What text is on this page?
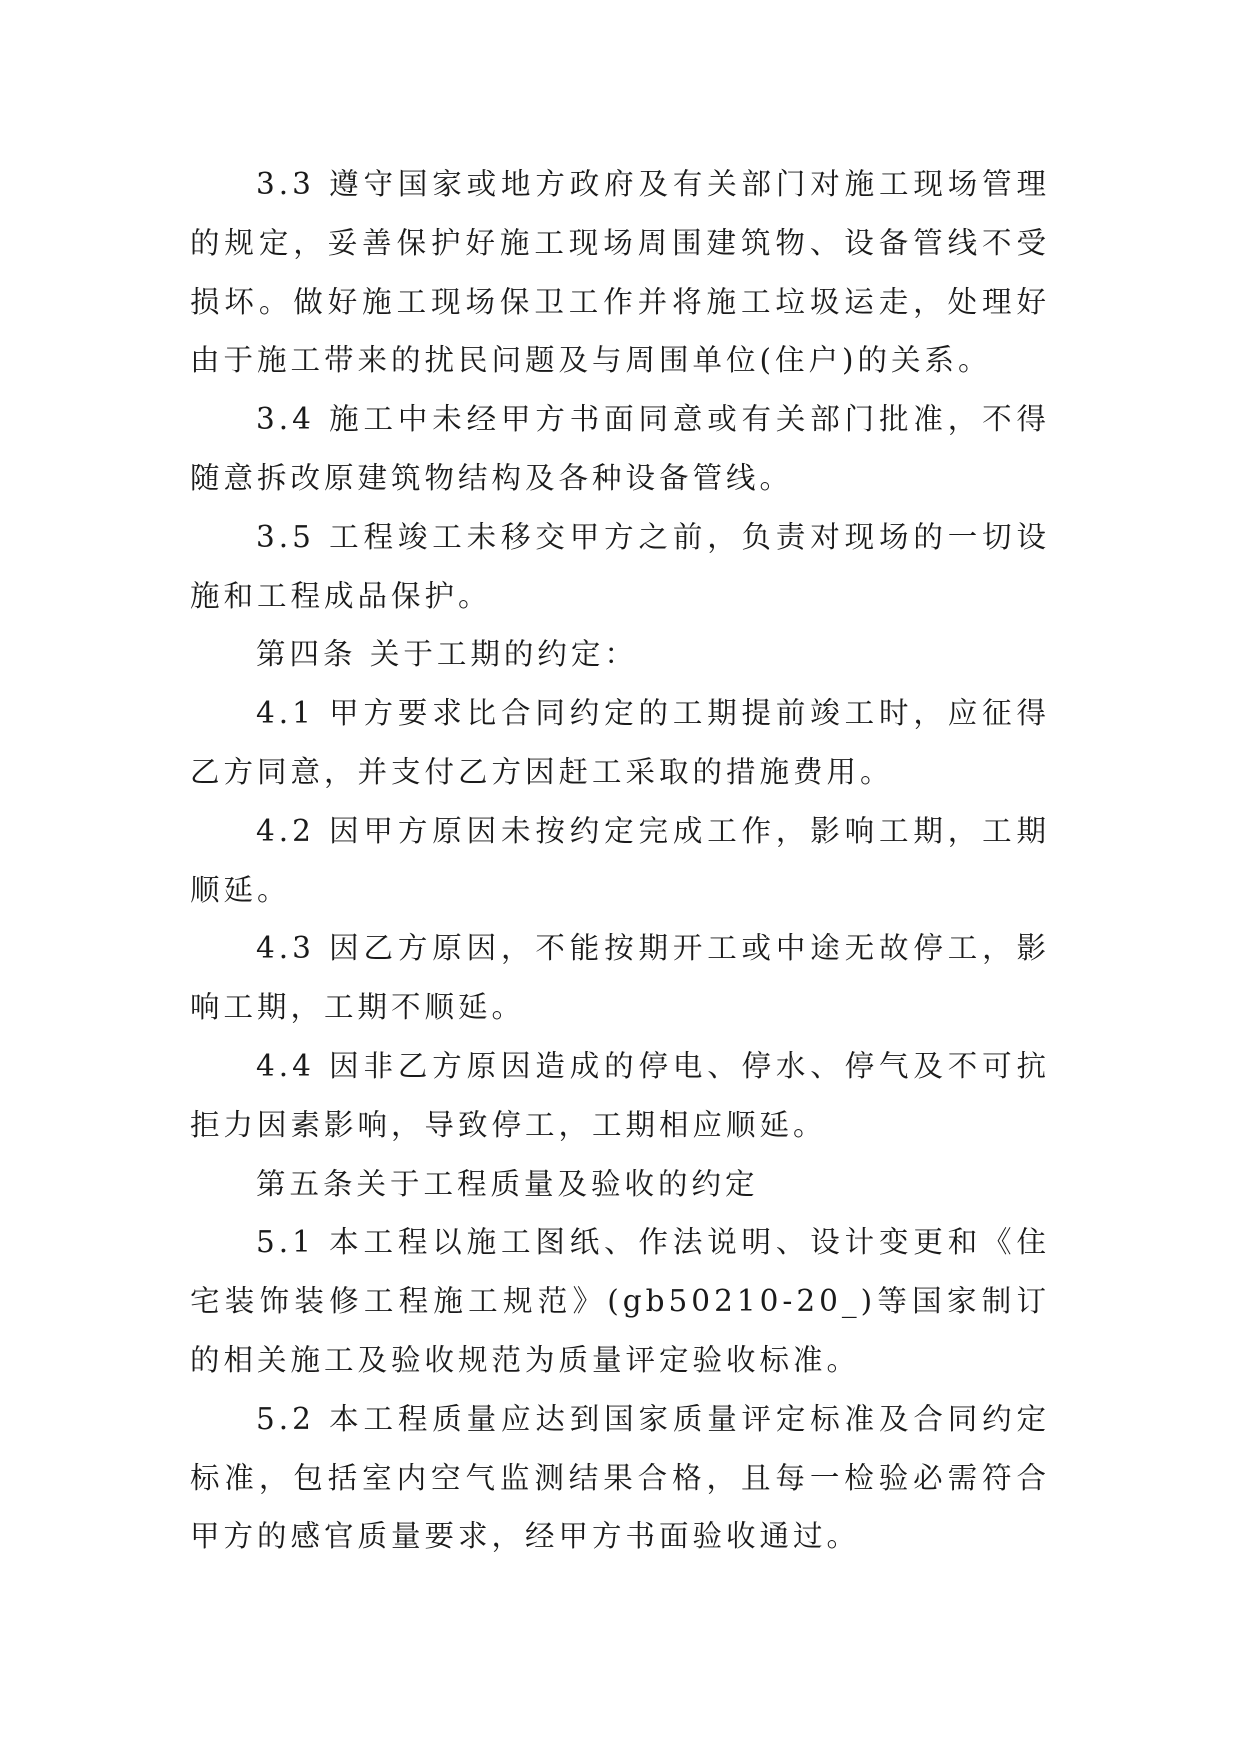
3.3 遵守国家或地方政府及有关部门对施工现场管理的规定，妥善保护好施工现场周围建筑物、设备管线不受损坏。做好施工现场保卫工作并将施工垃圾运走，处理好由于施工带来的扰民问题及与周围单位(住户)的关系。

3.4 施工中未经甲方书面同意或有关部门批准，不得随意拆改原建筑物结构及各种设备管线。

3.5 工程竣工未移交甲方之前，负责对现场的一切设施和工程成品保护。

第四条 关于工期的约定：

4.1 甲方要求比合同约定的工期提前竣工时，应征得乙方同意，并支付乙方因赶工采取的措施费用。

4.2 因甲方原因未按约定完成工作，影响工期，工期顺延。

4.3 因乙方原因，不能按期开工或中途无故停工，影响工期，工期不顺延。

4.4 因非乙方原因造成的停电、停水、停气及不可抗拒力因素影响，导致停工，工期相应顺延。

第五条关于工程质量及验收的约定

5.1 本工程以施工图纸、作法说明、设计变更和《住宅装饰装修工程施工规范》(gb50210-20_)等国家制订的相关施工及验收规范为质量评定验收标准。

5.2 本工程质量应达到国家质量评定标准及合同约定标准，包括室内空气监测结果合格，且每一检验必需符合甲方的感官质量要求，经甲方书面验收通过。
